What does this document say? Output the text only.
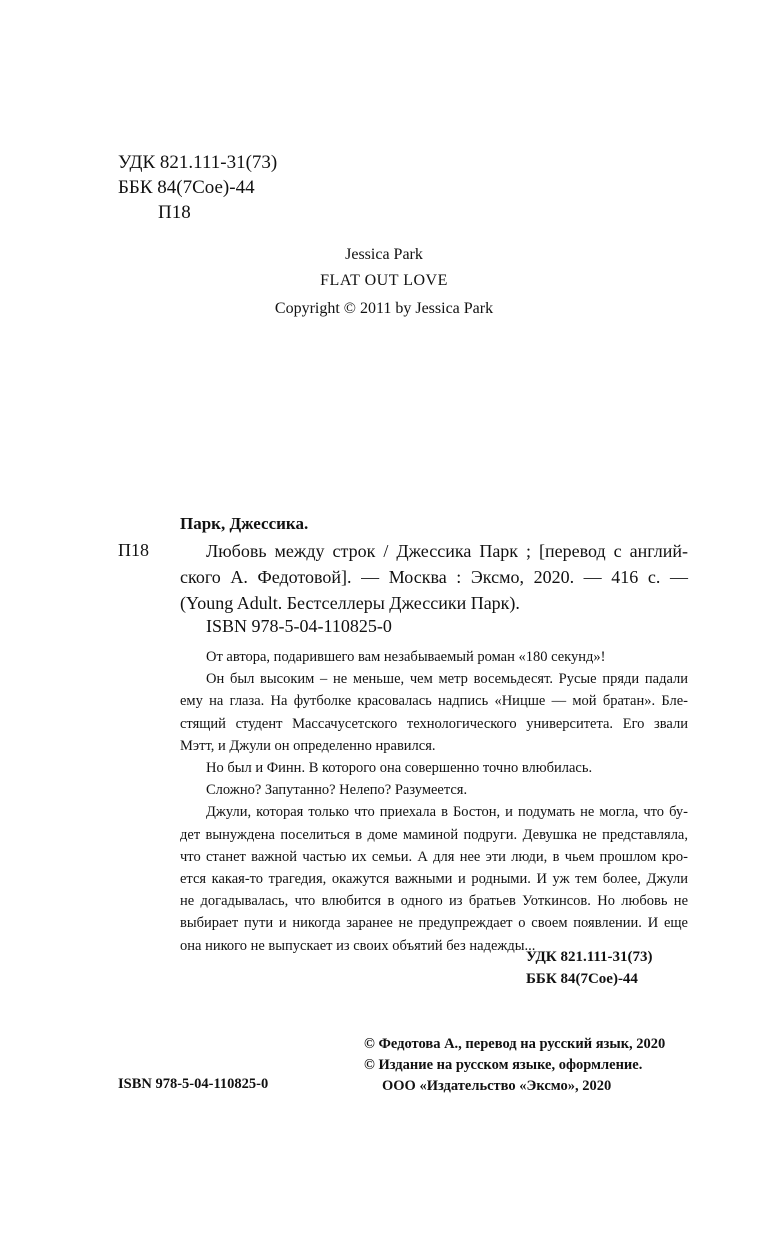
УДК 821.111-31(73)
ББК 84(7Сое)-44
П18
Jessica Park
FLAT OUT LOVE
Copyright © 2011 by Jessica Park
Парк, Джессика.
П18	Любовь между строк / Джессика Парк ; [перевод с англий-
ского А. Федотовой]. — Москва : Эксмо, 2020. — 416 с. —
(Young Adult. Бестселлеры Джессики Парк).
ISBN 978-5-04-110825-0
От автора, подарившего вам незабываемый роман «180 секунд»!
Он был высоким – не меньше, чем метр восемьдесят. Русые пряди падали
ему на глаза. На футболке красовалась надпись «Ницше — мой братан». Бле-
стящий студент Массачусетского технологического университета. Его звали
Мэтт, и Джули он определенно нравился.
Но был и Финн. В которого она совершенно точно влюбилась.
Сложно? Запутанно? Нелепо? Разумеется.
Джули, которая только что приехала в Бостон, и подумать не могла, что бу-
дет вынуждена поселиться в доме маминой подруги. Девушка не представляла,
что станет важной частью их семьи. А для нее эти люди, в чьем прошлом кро-
ется какая-то трагедия, окажутся важными и родными. И уж тем более, Джули
не догадывалась, что влюбится в одного из братьев Уоткинсов. Но любовь не
выбирает пути и никогда заранее не предупреждает о своем появлении. И еще
она никого не выпускает из своих объятий без надежды...
УДК 821.111-31(73)
ББК 84(7Сое)-44
© Федотова А., перевод на русский язык, 2020
© Издание на русском языке, оформление.
ООО «Издательство «Эксмо», 2020
ISBN 978-5-04-110825-0
